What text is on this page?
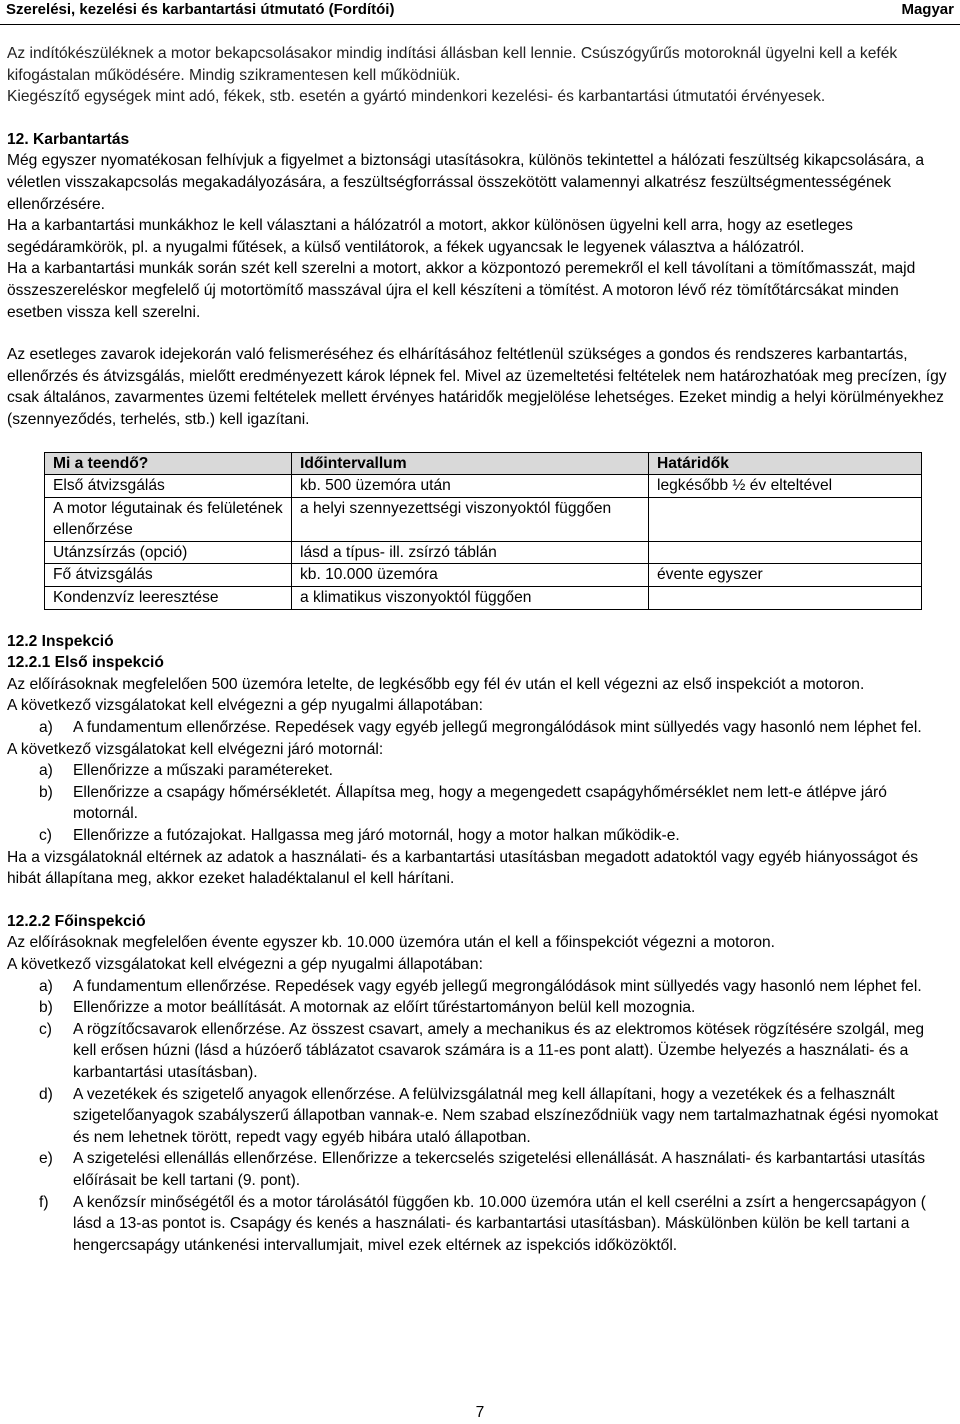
Szerelési, kezelési és karbantartási útmutató (Fordítói)	Magyar

Az indítókészüléknek a motor bekapcsolásakor mindig indítási állásban kell lennie. Csúszógyűrűs motoroknál ügyelni kell a kefék kifogástalan működésére. Mindig szikramentesen kell működniük.

Kiegészítő egységek mint adó, fékek, stb. esetén a gyártó mindenkori kezelési- és karbantartási útmutatói érvényesek.

12. Karbantartás

Még egyszer nyomatékosan felhívjuk a figyelmet a biztonsági utasításokra, különös tekintettel a hálózati feszültség kikapcsolására, a véletlen visszakapcsolás megakadályozására, a feszültségforrással összekötött valamennyi alkatrész feszültségmentességének ellenőrzésére.

Ha a karbantartási munkákhoz le kell választani a hálózatról a motort, akkor különösen ügyelni kell arra, hogy az esetleges segédáramkörök, pl. a nyugalmi fűtések, a külső ventilátorok, a fékek ugyancsak le legyenek választva a hálózatról.

Ha a karbantartási munkák során szét kell szerelni a motort, akkor a központozó peremekről el kell távolítani a tömítőmasszát, majd összeszereléskor megfelelő új motortömítő masszával újra el kell készíteni a tömítést. A motoron lévő réz tömítőtárcsákat minden esetben vissza kell szerelni.

Az esetleges zavarok idejekorán való felismeréséhez és elhárításához feltétlenül szükséges a gondos és rendszeres karbantartás, ellenőrzés és átvizsgálás, mielőtt eredményezett károk lépnek fel. Mivel az üzemeltetési feltételek nem határozhatóak meg precízen, így csak általános, zavarmentes üzemi feltételek mellett érvényes határidők megjelölése lehetséges. Ezeket mindig a helyi körülményekhez (szennyeződés, terhelés, stb.) kell igazítani.

Mi a teendő?	Időintervallum	Határidők
Első átvizsgálás	kb. 500 üzemóra után	legkésőbb ½ év elteltével
A motor légutainak és felületének ellenőrzése	a helyi szennyezettségi viszonyoktól függően	
Utánzsírzás (opció)	lásd a típus- ill. zsírzó táblán	
Fő átvizsgálás	kb. 10.000 üzemóra	évente egyszer
Kondenzvíz leeresztése	a klimatikus viszonyoktól függően	

12.2 Inspekció

12.2.1 Első inspekció

Az előírásoknak megfelelően 500 üzemóra letelte, de legkésőbb egy fél év után el kell végezni az első inspekciót a motoron.

A következő vizsgálatokat kell elvégezni a gép nyugalmi állapotában:

a)	A fundamentum ellenőrzése. Repedések vagy egyéb jellegű megrongálódások mint süllyedés vagy hasonló nem léphet fel.

A következő vizsgálatokat kell elvégezni járó motornál:

a)	Ellenőrizze a műszaki paramétereket.
b)	Ellenőrizze a csapágy hőmérsékletét. Állapítsa meg, hogy a megengedett csapágyhőmérséklet nem lett-e átlépve járó motornál.
c)	Ellenőrizze a futózajokat. Hallgassa meg járó motornál, hogy a motor halkan működik-e.

Ha a vizsgálatoknál eltérnek az adatok a használati- és a karbantartási utasításban megadott adatoktól vagy egyéb hiányosságot és hibát állapítana meg, akkor ezeket haladéktalanul el kell hárítani.

12.2.2 Főinspekció

Az előírásoknak megfelelően évente egyszer kb. 10.000 üzemóra után el kell a főinspekciót végezni a motoron.

A következő vizsgálatokat kell elvégezni a gép nyugalmi állapotában:

a)	A fundamentum ellenőrzése. Repedések vagy egyéb jellegű megrongálódások mint süllyedés vagy hasonló nem léphet fel.
b)	Ellenőrizze a motor beállítását. A motornak az előírt tűréstartományon belül kell mozognia.
c)	A rögzítőcsavarok ellenőrzése. Az összest csavart, amely a mechanikus és az elektromos kötések rögzítésére szolgál, meg kell erősen húzni (lásd a húzóerő táblázatot csavarok számára is a 11-es pont alatt). Üzembe helyezés a használati- és a karbantartási utasításban).
d)	A vezetékek és szigetelő anyagok ellenőrzése. A felülvizsgálatnál meg kell állapítani, hogy a vezetékek és a felhasznált szigetelőanyagok szabályszerű állapotban vannak-e. Nem szabad elszíneződniük vagy nem tartalmazhatnak égési nyomokat és nem lehetnek törött, repedt vagy egyéb hibára utaló állapotban.
e)	A szigetelési ellenállás ellenőrzése. Ellenőrizze a tekercselés szigetelési ellenállását. A használati- és karbantartási utasítás előírásait be kell tartani (9. pont).
f)	A kenőzsír minőségétől és a motor tárolásától függően kb. 10.000 üzemóra után el kell cserélni a zsírt a hengercsapágyon ( lásd a 13-as pontot is. Csapágy és kenés a használati- és karbantartási utasításban). Máskülönben külön be kell tartani a hengercsapágy utánkenési intervallumjait, mivel ezek eltérnek az ispekciós időközöktől.
7
